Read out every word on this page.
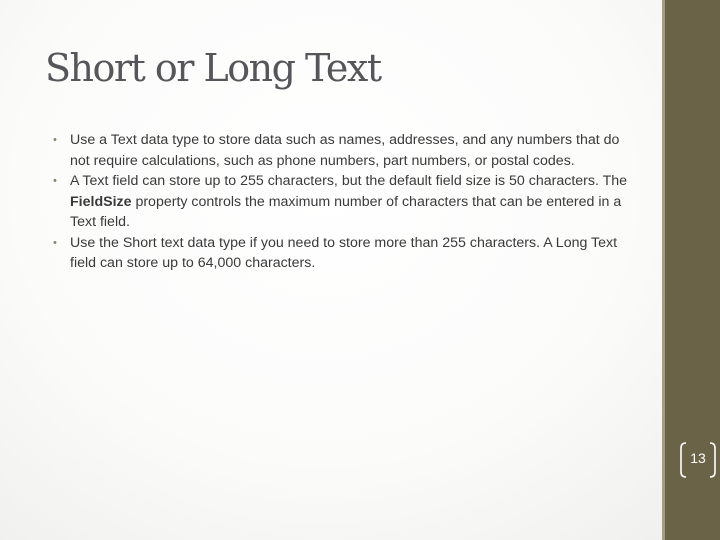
Short or Long Text
• Use a Text data type to store data such as names, addresses, and any numbers that do not require calculations, such as phone numbers, part numbers, or postal codes.
• A Text field can store up to 255 characters, but the default field size is 50 characters. The FieldSize property controls the maximum number of characters that can be entered in a Text field.
• Use the Short text data type if you need to store more than 255 characters. A Long Text field can store up to 64,000 characters.
13
